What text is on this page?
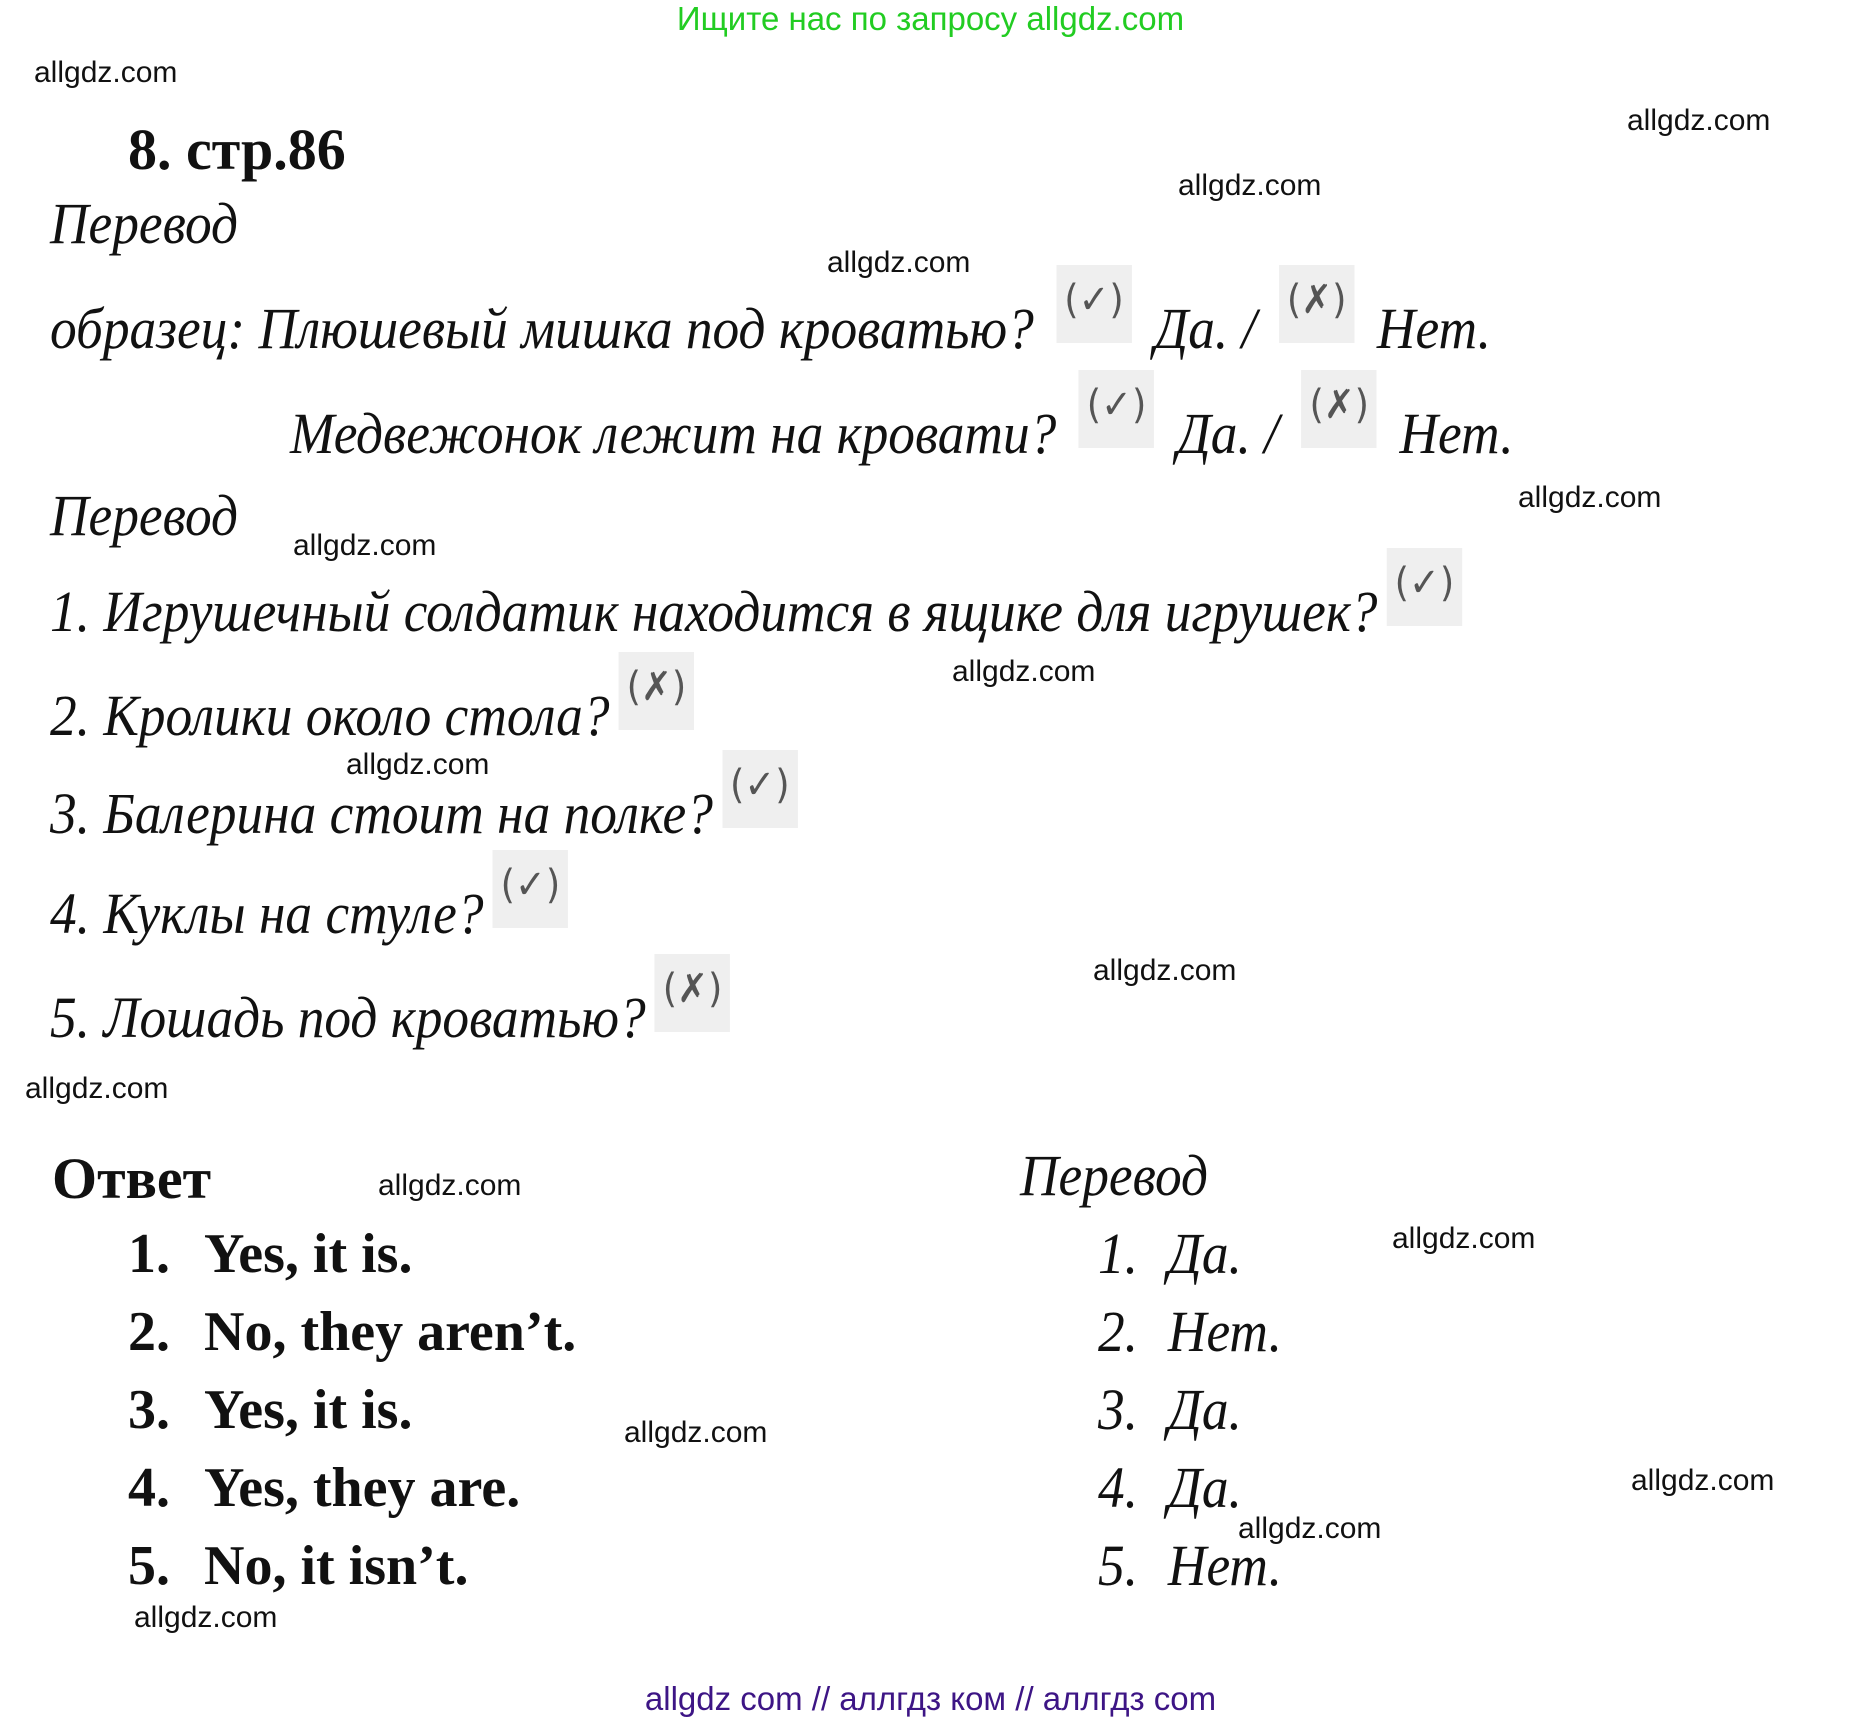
Ищите нас по запросу allgdz.com
allgdz.com
allgdz.com
allgdz.com
allgdz.com
allgdz.com
allgdz.com
allgdz.com
allgdz.com
allgdz.com
allgdz.com
allgdz.com
allgdz.com
allgdz.com
allgdz.com
allgdz.com
allgdz.com
8. стр.86
Перевод
образец: Плюшевый мишка под кроватью? (✓) Да. / (✗) Нет.
Медвежонок лежит на кровати? (✓) Да. / (✗) Нет.
Перевод
1. Игрушечный солдатик находится в ящике для игрушек? (✓)
2. Кролики около стола? (✗)
3. Балерина стоит на полке? (✓)
4. Куклы на стуле? (✓)
5. Лошадь под кроватью? (✗)
Ответ
1. Yes, it is.
2. No, they aren’t.
3. Yes, it is.
4. Yes, they are.
5. No, it isn’t.
Перевод
1. Да.
2. Нет.
3. Да.
4. Да.
5. Нет.
allgdz com // аллгдз ком // аллгдз com
